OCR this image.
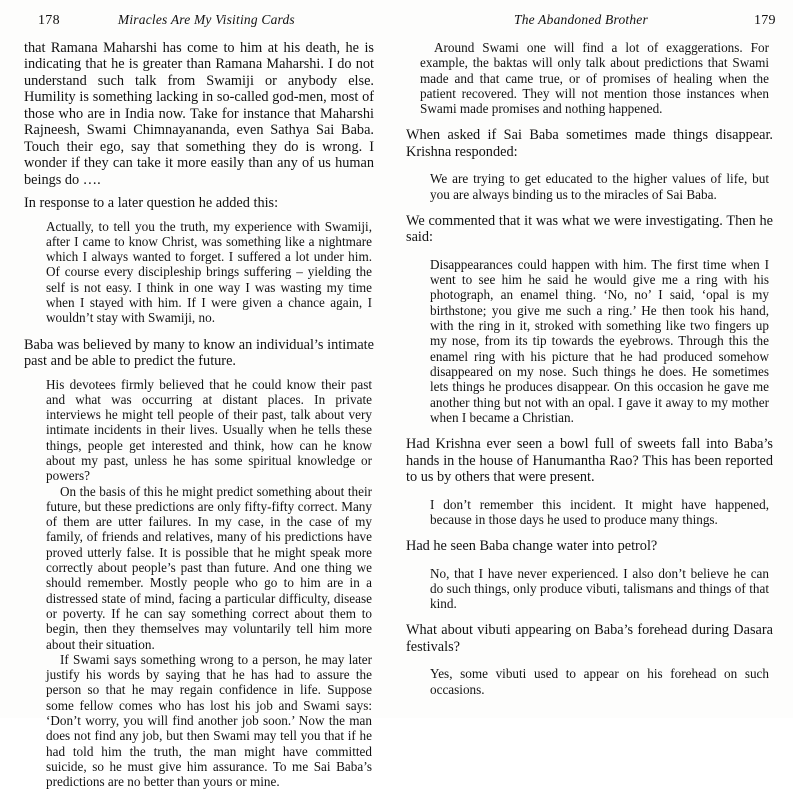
178	Miracles Are My Visiting Cards

that Ramana Maharshi has come to him at his death, he is indicating that he is greater than Ramana Maharshi. I do not understand such talk from Swamiji or anybody else. Humility is something lacking in so-called god-men, most of those who are in India now. Take for instance that Maharshi Rajneesh, Swami Chimnayananda, even Sathya Sai Baba. Touch their ego, say that something they do is wrong. I wonder if they can take it more easily than any of us human beings do ….

In response to a later question he added this:

Actually, to tell you the truth, my experience with Swamiji, after I came to know Christ, was something like a nightmare which I always wanted to forget. I suffered a lot under him. Of course every discipleship brings suffering – yielding the self is not easy. I think in one way I was wasting my time when I stayed with him. If I were given a chance again, I wouldn’t stay with Swamiji, no.

Baba was believed by many to know an individual’s intimate past and be able to predict the future.

His devotees firmly believed that he could know their past and what was occurring at distant places. In private interviews he might tell people of their past, talk about very intimate incidents in their lives. Usually when he tells these things, people get interested and think, how can he know about my past, unless he has some spiritual knowledge or powers?

On the basis of this he might predict something about their future, but these predictions are only fifty-fifty correct. Many of them are utter failures. In my case, in the case of my family, of friends and relatives, many of his predictions have proved utterly false. It is possible that he might speak more correctly about people’s past than future. And one thing we should remember. Mostly people who go to him are in a distressed state of mind, facing a particular difficulty, disease or poverty. If he can say something correct about them to begin, then they themselves may voluntarily tell him more about their situation.

If Swami says something wrong to a person, he may later justify his words by saying that he has had to assure the person so that he may regain confidence in life. Suppose some fellow comes who has lost his job and Swami says: ‘Don’t worry, you will find another job soon.’ Now the man does not find any job, but then Swami may tell you that if he had told him the truth, the man might have committed suicide, so he must give him assurance. To me Sai Baba’s predictions are no better than yours or mine.

The Abandoned Brother	179

Around Swami one will find a lot of exaggerations. For example, the baktas will only talk about predictions that Swami made and that came true, or of promises of healing when the patient recovered. They will not mention those instances when Swami made promises and nothing happened.

When asked if Sai Baba sometimes made things disappear. Krishna responded:

We are trying to get educated to the higher values of life, but you are always binding us to the miracles of Sai Baba.

We commented that it was what we were investigating. Then he said:

Disappearances could happen with him. The first time when I went to see him he said he would give me a ring with his photograph, an enamel thing. ‘No, no’ I said, ‘opal is my birthstone; you give me such a ring.’ He then took his hand, with the ring in it, stroked with something like two fingers up my nose, from its tip towards the eyebrows. Through this the enamel ring with his picture that he had produced somehow disappeared on my nose. Such things he does. He sometimes lets things he produces disappear. On this occasion he gave me another thing but not with an opal. I gave it away to my mother when I became a Christian.

Had Krishna ever seen a bowl full of sweets fall into Baba’s hands in the house of Hanumantha Rao? This has been reported to us by others that were present.

I don’t remember this incident. It might have happened, because in those days he used to produce many things.

Had he seen Baba change water into petrol?

No, that I have never experienced. I also don’t believe he can do such things, only produce vibuti, talismans and things of that kind.

What about vibuti appearing on Baba’s forehead during Dasara festivals?

Yes, some vibuti used to appear on his forehead on such occasions.
